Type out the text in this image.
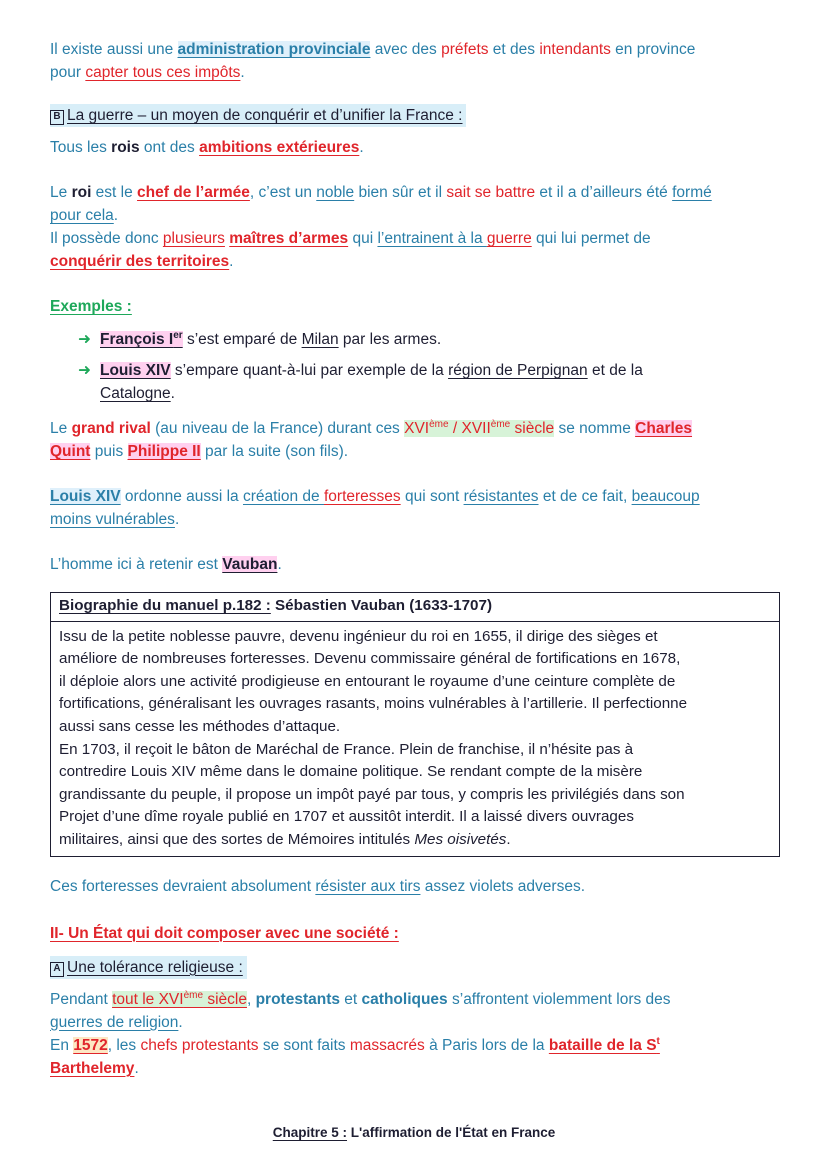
Il existe aussi une administration provinciale avec des préfets et des intendants en province
pour capter tous ces impôts.

B La guerre – un moyen de conquérir et d’unifier la France :

Tous les rois ont des ambitions extérieures.

Le roi est le chef de l’armée, c’est un noble bien sûr et il sait se battre et il a d’ailleurs été formé
pour cela.
Il possède donc plusieurs maîtres d’armes qui l’entrainent à la guerre qui lui permet de
conquérir des territoires.

Exemples :

➜ François Ier s’est emparé de Milan par les armes.
➜ Louis XIV s’empare quant-à-lui par exemple de la région de Perpignan et de la
Catalogne.

Le grand rival (au niveau de la France) durant ces XVIème / XVIIème siècle se nomme Charles
Quint puis Philippe II par la suite (son fils).

Louis XIV ordonne aussi la création de forteresses qui sont résistantes et de ce fait, beaucoup
moins vulnérables.

L’homme ici à retenir est Vauban.

Biographie du manuel p.182 : Sébastien Vauban (1633-1707)
Issu de la petite noblesse pauvre, devenu ingénieur du roi en 1655, il dirige des sièges et
améliore de nombreuses forteresses. Devenu commissaire général de fortifications en 1678,
il déploie alors une activité prodigieuse en entourant le royaume d’une ceinture complète de
fortifications, généralisant les ouvrages rasants, moins vulnérables à l’artillerie. Il perfectionne
aussi sans cesse les méthodes d’attaque.
En 1703, il reçoit le bâton de Maréchal de France. Plein de franchise, il n’hésite pas à
contredire Louis XIV même dans le domaine politique. Se rendant compte de la misère
grandissante du peuple, il propose un impôt payé par tous, y compris les privilégiés dans son
Projet d’une dîme royale publié en 1707 et aussitôt interdit. Il a laissé divers ouvrages
militaires, ainsi que des sortes de Mémoires intitulés Mes oisivetés.

Ces forteresses devraient absolument résister aux tirs assez violets adverses.

II- Un État qui doit composer avec une société :

A Une tolérance religieuse :

Pendant tout le XVIème siècle, protestants et catholiques s’affrontent violemment lors des
guerres de religion.
En 1572, les chefs protestants se sont faits massacrés à Paris lors de la bataille de la $S^t$
Barthelemy.

Chapitre 5 : L'affirmation de l'État en France
